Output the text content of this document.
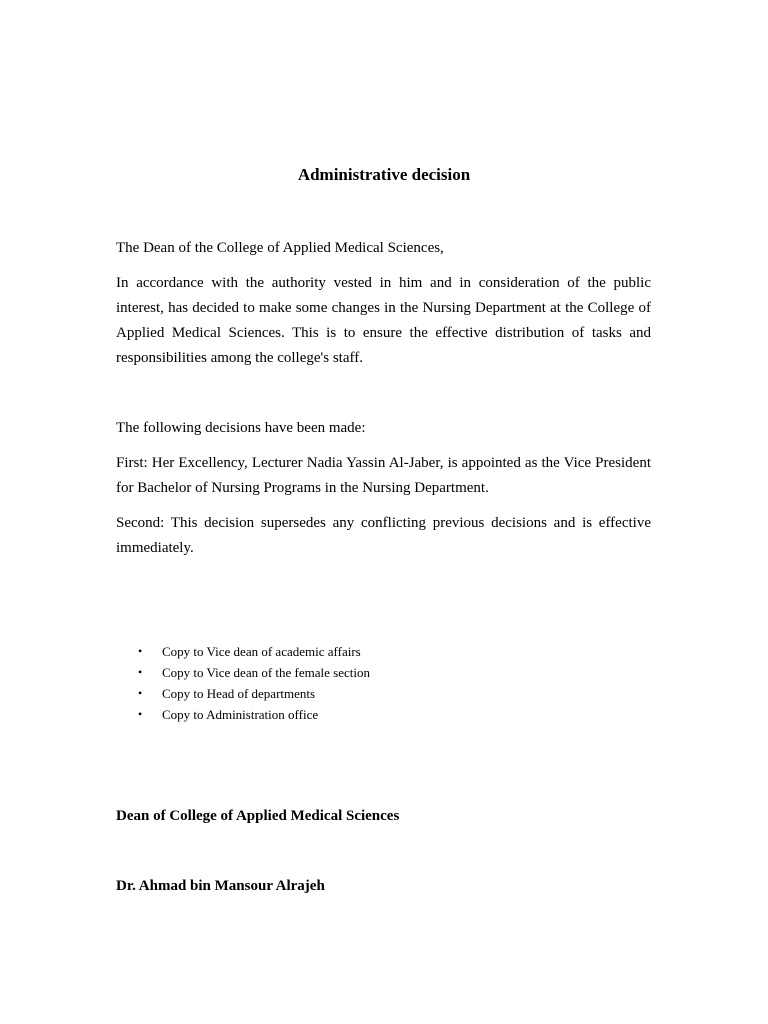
Administrative decision
The Dean of the College of Applied Medical Sciences,
In accordance with the authority vested in him and in consideration of the public interest, has decided to make some changes in the Nursing Department at the College of Applied Medical Sciences. This is to ensure the effective distribution of tasks and responsibilities among the college's staff.
The following decisions have been made:
First: Her Excellency, Lecturer Nadia Yassin Al-Jaber, is appointed as the Vice President for Bachelor of Nursing Programs in the Nursing Department.
Second: This decision supersedes any conflicting previous decisions and is effective immediately.
• Copy to Vice dean of academic affairs
• Copy to Vice dean of the female section
• Copy to Head of departments
• Copy to Administration office
Dean of College of Applied Medical Sciences
Dr. Ahmad bin Mansour Alrajeh
